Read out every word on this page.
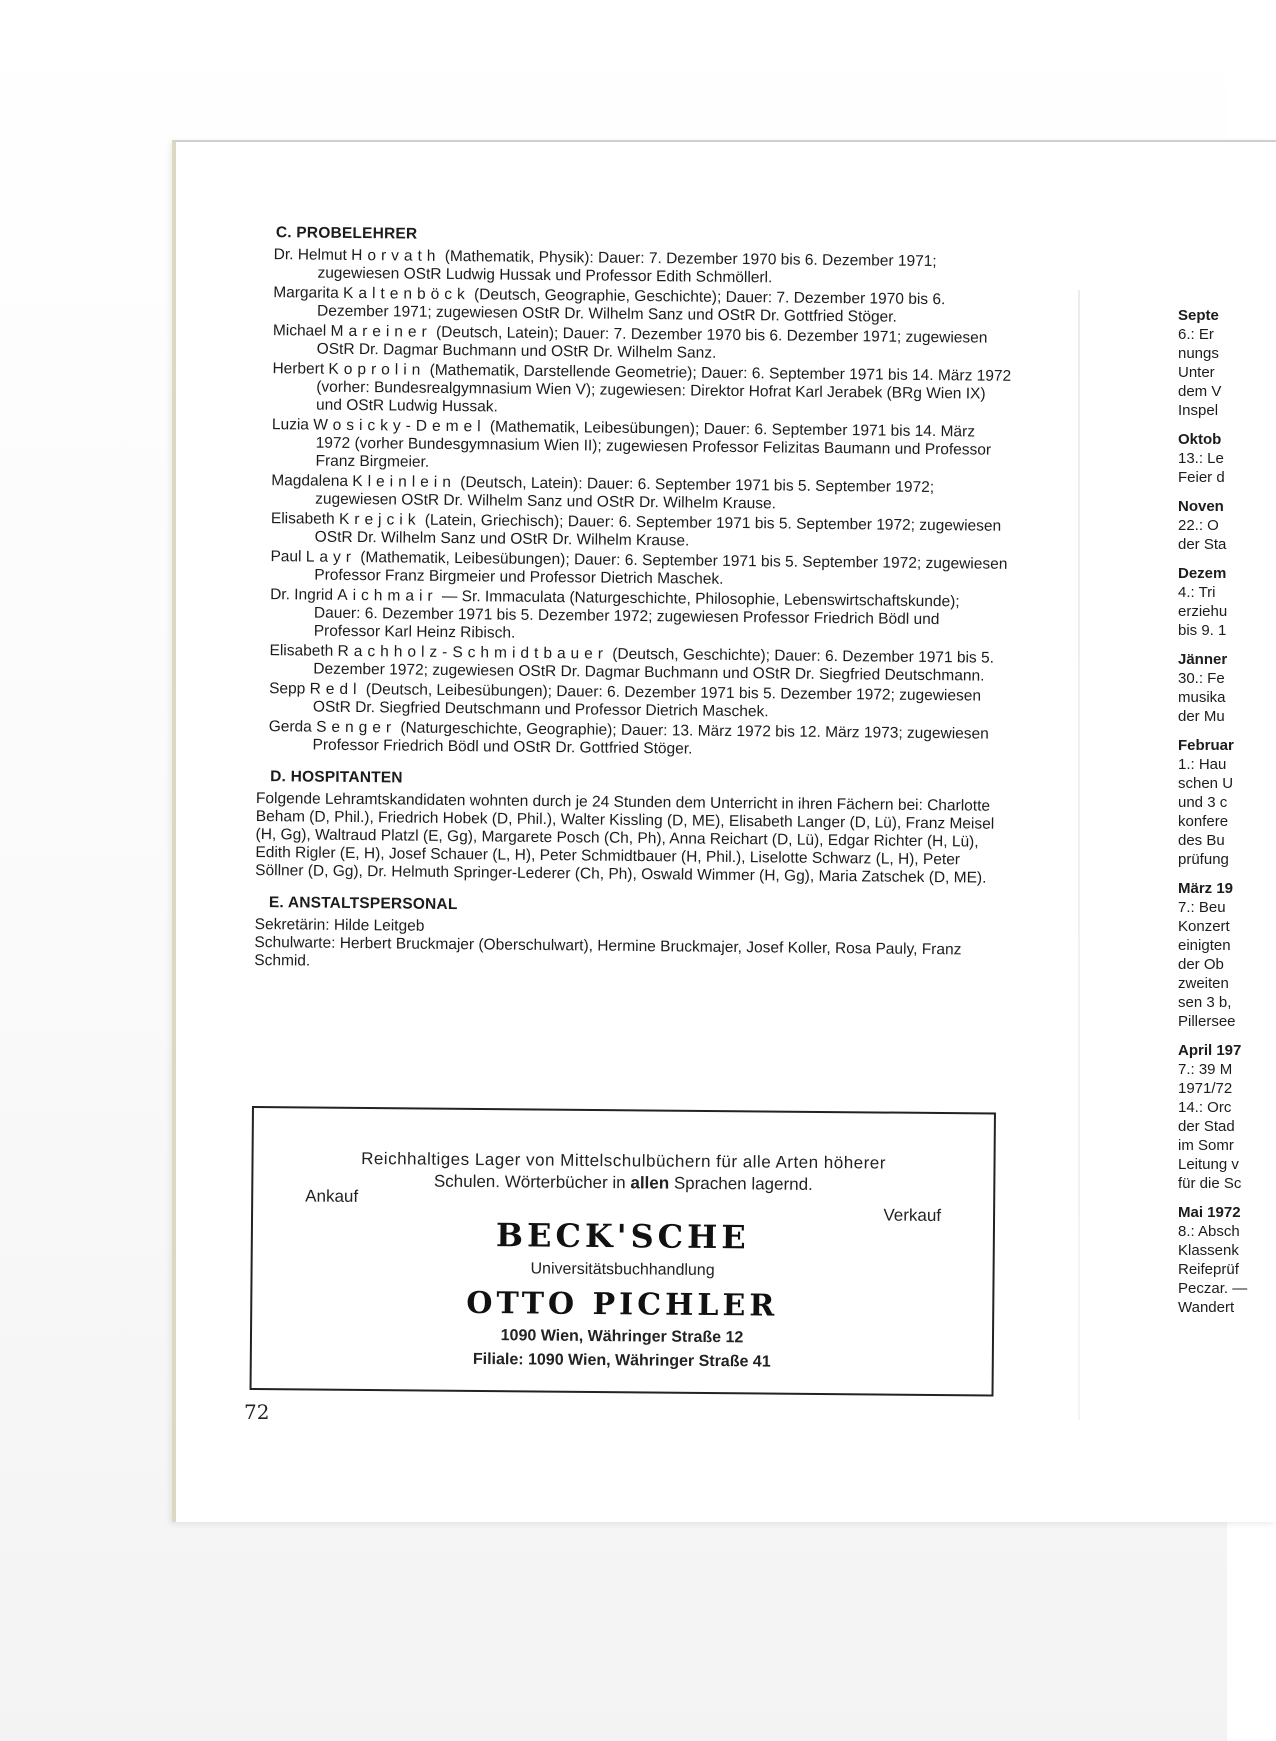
C. PROBELEHRER

Dr. Helmut Horvath (Mathematik, Physik): Dauer: 7. Dezember 1970 bis 6. Dezember 1971; zugewiesen OStR Ludwig Hussak und Professor Edith Schmöllerl.

Margarita Kaltenböck (Deutsch, Geographie, Geschichte); Dauer: 7. Dezember 1970 bis 6. Dezember 1971; zugewiesen OStR Dr. Wilhelm Sanz und OStR Dr. Gottfried Stöger.

Michael Mareiner (Deutsch, Latein); Dauer: 7. Dezember 1970 bis 6. Dezember 1971; zugewiesen OStR Dr. Dagmar Buchmann und OStR Dr. Wilhelm Sanz.

Herbert Koprolin (Mathematik, Darstellende Geometrie); Dauer: 6. September 1971 bis 14. März 1972 (vorher: Bundesrealgymnasium Wien V); zugewiesen: Direktor Hofrat Karl Jerabek (BRg Wien IX) und OStR Ludwig Hussak.

Luzia Wosicky-Demel (Mathematik, Leibesübungen); Dauer: 6. September 1971 bis 14. März 1972 (vorher Bundesgymnasium Wien II); zugewiesen Professor Felizitas Baumann und Professor Franz Birgmeier.

Magdalena Kleinlein (Deutsch, Latein): Dauer: 6. September 1971 bis 5. September 1972; zugewiesen OStR Dr. Wilhelm Sanz und OStR Dr. Wilhelm Krause.

Elisabeth Krejcik (Latein, Griechisch); Dauer: 6. September 1971 bis 5. September 1972; zugewiesen OStR Dr. Wilhelm Sanz und OStR Dr. Wilhelm Krause.

Paul Layr (Mathematik, Leibesübungen); Dauer: 6. September 1971 bis 5. September 1972; zugewiesen Professor Franz Birgmeier und Professor Dietrich Maschek.

Dr. Ingrid Aichmair — Sr. Immaculata (Naturgeschichte, Philosophie, Lebenswirtschaftskunde); Dauer: 6. Dezember 1971 bis 5. Dezember 1972; zugewiesen Professor Friedrich Bödl und Professor Karl Heinz Ribisch.

Elisabeth Rachholz-Schmidtbauer (Deutsch, Geschichte); Dauer: 6. Dezember 1971 bis 5. Dezember 1972; zugewiesen OStR Dr. Dagmar Buchmann und OStR Dr. Siegfried Deutschmann.

Sepp Redl (Deutsch, Leibesübungen); Dauer: 6. Dezember 1971 bis 5. Dezember 1972; zugewiesen OStR Dr. Siegfried Deutschmann und Professor Dietrich Maschek.

Gerda Senger (Naturgeschichte, Geographie); Dauer: 13. März 1972 bis 12. März 1973; zugewiesen Professor Friedrich Bödl und OStR Dr. Gottfried Stöger.

D. HOSPITANTEN

Folgende Lehramtskandidaten wohnten durch je 24 Stunden dem Unterricht in ihren Fächern bei: Charlotte Beham (D, Phil.), Friedrich Hobek (D, Phil.), Walter Kissling (D, ME), Elisabeth Langer (D, Lü), Franz Meisel (H, Gg), Waltraud Platzl (E, Gg), Margarete Posch (Ch, Ph), Anna Reichart (D, Lü), Edgar Richter (H, Lü), Edith Rigler (E, H), Josef Schauer (L, H), Peter Schmidtbauer (H, Phil.), Liselotte Schwarz (L, H), Peter Söllner (D, Gg), Dr. Helmuth Springer-Lederer (Ch, Ph), Oswald Wimmer (H, Gg), Maria Zatschek (D, ME).

E. ANSTALTSPERSONAL

Sekretärin: Hilde Leitgeb

Schulwarte: Herbert Bruckmajer (Oberschulwart), Hermine Bruckmajer, Josef Koller, Rosa Pauly, Franz Schmid.

Reichhaltiges Lager von Mittelschulbüchern für alle Arten höherer
Schulen. Wörterbücher in allen Sprachen lagernd.
Ankauf
Verkauf
BECK'SCHE
Universitätsbuchhandlung
OTTO PICHLER
1090 Wien, Währinger Straße 12
Filiale: 1090 Wien, Währinger Straße 41
72
Septe
6.: Er
nungs
Unter
dem V
Inspel
Oktob
13.: Le
Feier d
Noven
22.: O
der Sta
Dezem
4.: Tri
erziehu
bis 9. 1
Jänner
30.: Fe
musika
der Mu
Februar
1.: Hau
schen U
und 3 c
konfere
des Bu
prüfung
März 19
7.: Beu
Konzert
einigten
der Ob
zweiten
sen 3 b,
Pillersee
April 197
7.: 39 M
1971/72
14.: Orc
der Stad
im Somr
Leitung v
für die Sc
Mai 1972
8.: Absch
Klassenk
Reifeprüf
Peczar. —
Wandert
